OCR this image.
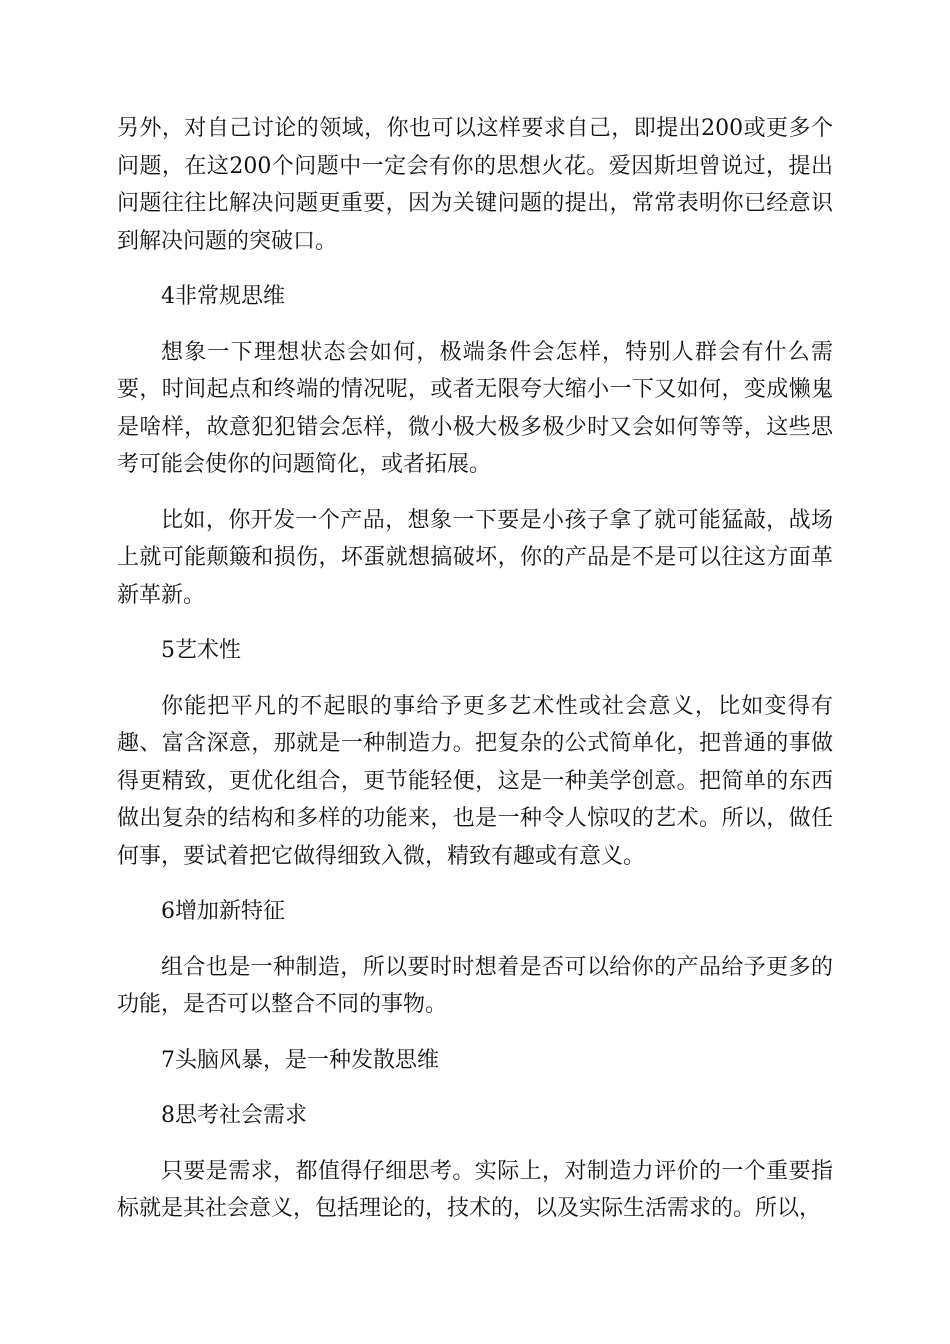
另外，对自己讨论的领域，你也可以这样要求自己，即提出200或更多个问题，在这200个问题中一定会有你的思想火花。爱因斯坦曾说过，提出问题往往比解决问题更重要，因为关键问题的提出，常常表明你已经意识到解决问题的突破口。

4非常规思维

想象一下理想状态会如何，极端条件会怎样，特别人群会有什么需要，时间起点和终端的情况呢，或者无限夸大缩小一下又如何，变成懒鬼是啥样，故意犯犯错会怎样，微小极大极多极少时又会如何等等，这些思考可能会使你的问题简化，或者拓展。

比如，你开发一个产品，想象一下要是小孩子拿了就可能猛敲，战场上就可能颠簸和损伤，坏蛋就想搞破坏，你的产品是不是可以往这方面革新革新。

5艺术性

你能把平凡的不起眼的事给予更多艺术性或社会意义，比如变得有趣、富含深意，那就是一种制造力。把复杂的公式简单化，把普通的事做得更精致，更优化组合，更节能轻便，这是一种美学创意。把简单的东西做出复杂的结构和多样的功能来，也是一种令人惊叹的艺术。所以，做任何事，要试着把它做得细致入微，精致有趣或有意义。

6增加新特征

组合也是一种制造，所以要时时想着是否可以给你的产品给予更多的功能，是否可以整合不同的事物。

7头脑风暴，是一种发散思维

8思考社会需求

只要是需求，都值得仔细思考。实际上，对制造力评价的一个重要指标就是其社会意义，包括理论的，技术的，以及实际生活需求的。所以，
